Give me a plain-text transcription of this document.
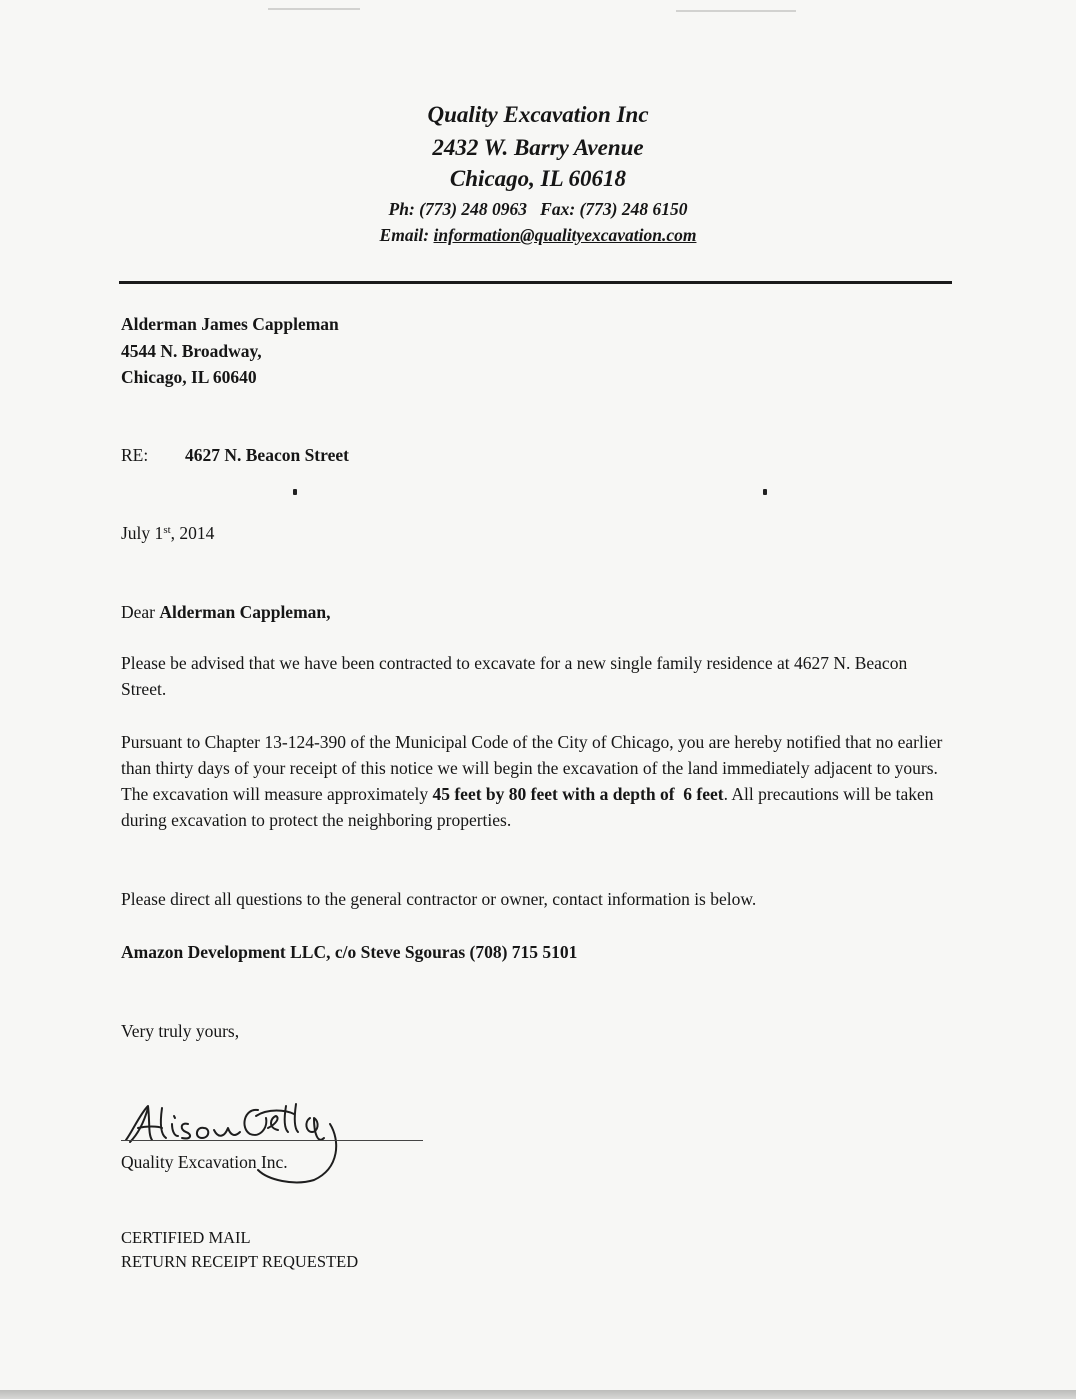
Quality Excavation Inc
2432 W. Barry Avenue
Chicago, IL 60618
Ph: (773) 248 0963   Fax: (773) 248 6150
Email: information@qualityexcavation.com
Alderman James Cappleman
4544 N. Broadway,
Chicago, IL 60640
RE: 4627 N. Beacon Street
July 1st, 2014
Dear Alderman Cappleman,
Please be advised that we have been contracted to excavate for a new single family residence at 4627 N. Beacon Street.
Pursuant to Chapter 13-124-390 of the Municipal Code of the City of Chicago, you are hereby notified that no earlier than thirty days of your receipt of this notice we will begin the excavation of the land immediately adjacent to yours. The excavation will measure approximately 45 feet by 80 feet with a depth of  6 feet. All precautions will be taken during excavation to protect the neighboring properties.
Please direct all questions to the general contractor or owner, contact information is below.
Amazon Development LLC, c/o Steve Sgouras (708) 715 5101
Very truly yours,
Quality Excavation Inc.
CERTIFIED MAIL
RETURN RECEIPT REQUESTED
